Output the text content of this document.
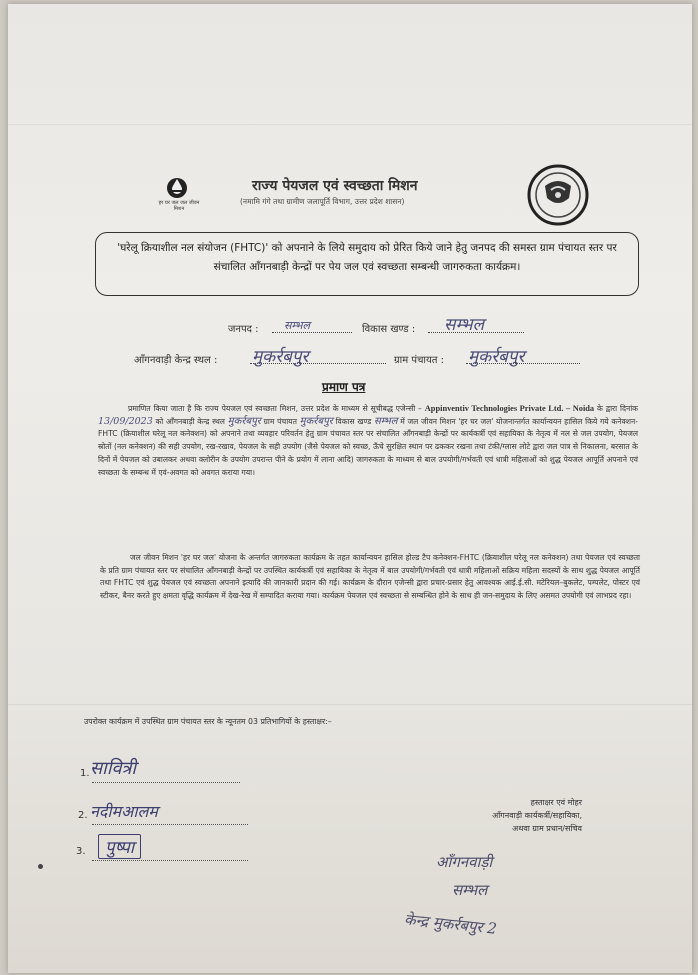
हर घर जल जल जीवन मिशन
राज्य पेयजल एवं स्वच्छता मिशन
(नमामि गंगे तथा ग्रामीण जलापूर्ति विभाग, उत्तर प्रदेश शासन)
'घरेलू क्रियाशील नल संयोजन (FHTC)' को अपनाने के लिये समुदाय को प्रेरित किये जाने हेतु जनपद की समस्त ग्राम पंचायत स्तर पर संचालित आँगनबाड़ी केन्द्रों पर पेय जल एवं स्वच्छता सम्बन्धी जागरुकता कार्यक्रम।
जनपद : सम्भल	विकास खण्ड : सम्भल
आँगनवाड़ी केन्द्र स्थल : मुकर्रबपुर	ग्राम पंचायत : मुकर्रबपुर
प्रमाण पत्र
प्रमाणित किया जाता है कि राज्य पेयजल एवं स्वच्छता मिशन, उत्तर प्रदेश के माध्यम से सूचीबद्ध एजेन्सी – Appinventiv Technologies Private Ltd. – Noida के द्वारा दिनांक 13/09/2023 को आँगनबाड़ी केन्द्र स्थल मुकर्रबपुर ग्राम पंचायत मुकर्रबपुर विकास खण्ड सम्भल में जल जीवन मिशन 'हर घर जल' योजनान्तर्गत कार्यान्वयन हासिल किये गये कनेक्शन-FHTC (क्रियाशील घरेलू नल कनेक्शन) को अपनाने तथा व्यवहार परिवर्तन हेतु ग्राम पंचायत स्तर पर संचालित आँगनबाड़ी केन्द्रों पर कार्यकर्त्री एवं सहायिका के नेतृत्व में नल से जल उपयोग, पेयजल स्रोतों (नल कनेक्शन) की सही उपयोग, रख-रखाव, पेयजल के सही उपयोग (जैसे पेयजल को स्वच्छ, ऊँचे सुरक्षित स्थान पर ढककर रखना तथा टंकी/ग्लास लोटे द्वारा जल पात्र से निकालना, बरसात के दिनों में पेयजल को उबालकर अथवा क्लोरीन के उपयोग उपरान्त पीने के प्रयोग में लाना आदि) जागरुकता के माध्यम से बाल उपयोगी/गर्भवती एवं धात्री महिलाओं को शुद्ध पेयजल आपूर्ति अपनाने एवं स्वच्छता के सम्बन्ध में एवं-अवगत को अवगत कराया गया।
जल जीवन मिशन 'हर घर जल' योजना के अन्तर्गत जागरुकता कार्यक्रम के तहत कार्यान्वयन हासिल होल्ड टैप कनेक्शन-FHTC (क्रियाशील घरेलू नल कनेक्शन) तथा पेयजल एवं स्वच्छता के प्रति ग्राम पंचायत स्तर पर संचालित आँगनबाड़ी केन्द्रों पर उपस्थित कार्यकर्त्री एवं सहायिका के नेतृत्व में बाल उपयोगी/गर्भवती एवं धात्री महिलाओं सक्रिय महिला सदस्यों के साथ शुद्ध पेयजल आपूर्ति तथा FHTC एवं शुद्ध पेयजल एवं स्वच्छता अपनाने इत्यादि की जानकारी प्रदान की गई। कार्यक्रम के दौरान एजेन्सी द्वारा प्रचार-प्रसार हेतु आवश्यक आई.ई.सी. मटेरियल–बुकलेट, पम्पलेट, पोस्टर एवं स्टीकर, बैनर करते हुए क्षमता वृद्धि कार्यक्रम में देख-रेख में सम्पादित कराया गया। कार्यक्रम पेयजल एवं स्वच्छता से सम्बन्धित होने के साथ ही जन-समुदाय के लिए असमत उपयोगी एवं लाभप्रद रहा।
उपरोक्त कार्यक्रम में उपस्थित ग्राम पंचायत स्तर के न्यूनतम 03 प्रतिभागियों के हस्ताक्षर:–
1. सावित्री
2. नदीमआलम
3.	पुष्पा
हस्ताक्षर एवं मोहर
आँगनवाड़ी कार्यकर्त्री/सहायिका,
अथवा ग्राम प्रधान/सचिव
आँगनवाड़ी
सम्भल
केन्द्र मुकर्रबपुर 2
